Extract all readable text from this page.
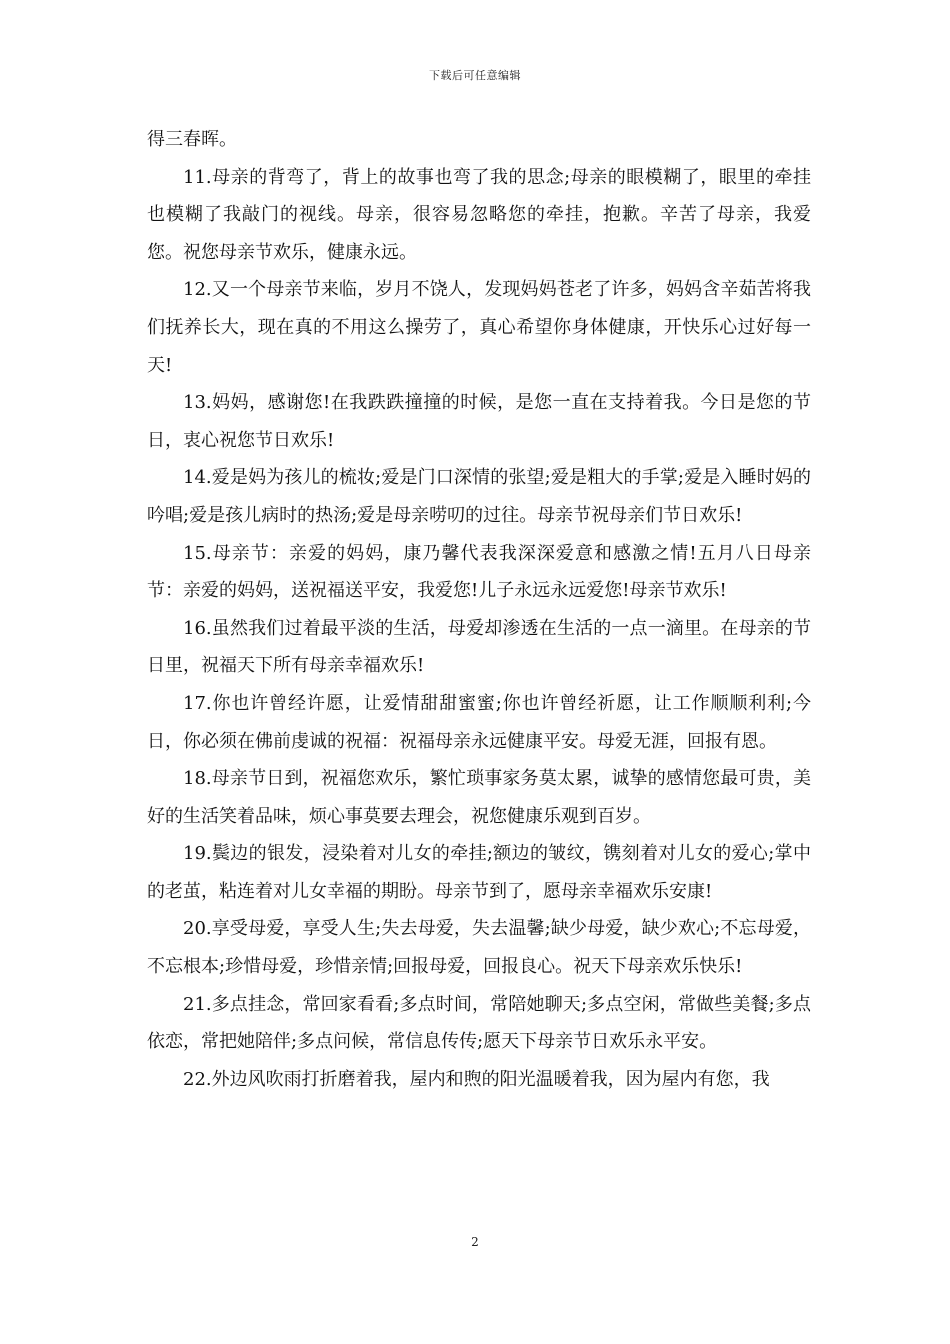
下载后可任意编辑

得三春晖。

11.母亲的背弯了，背上的故事也弯了我的思念;母亲的眼模糊了，眼里的牵挂也模糊了我敲门的视线。母亲，很容易忽略您的牵挂，抱歉。辛苦了母亲，我爱您。祝您母亲节欢乐，健康永远。

12.又一个母亲节来临，岁月不饶人，发现妈妈苍老了许多，妈妈含辛茹苦将我们抚养长大，现在真的不用这么操劳了，真心希望你身体健康，开快乐心过好每一天!

13.妈妈，感谢您!在我跌跌撞撞的时候，是您一直在支持着我。今日是您的节日，衷心祝您节日欢乐!

14.爱是妈为孩儿的梳妆;爱是门口深情的张望;爱是粗大的手掌;爱是入睡时妈的吟唱;爱是孩儿病时的热汤;爱是母亲唠叨的过往。母亲节祝母亲们节日欢乐!

15.母亲节：亲爱的妈妈，康乃馨代表我深深爱意和感激之情!五月八日母亲节：亲爱的妈妈，送祝福送平安，我爱您!儿子永远永远爱您!母亲节欢乐!

16.虽然我们过着最平淡的生活，母爱却渗透在生活的一点一滴里。在母亲的节日里，祝福天下所有母亲幸福欢乐!

17.你也许曾经许愿，让爱情甜甜蜜蜜;你也许曾经祈愿，让工作顺顺利利;今日，你必须在佛前虔诚的祝福：祝福母亲永远健康平安。母爱无涯，回报有恩。

18.母亲节日到，祝福您欢乐，繁忙琐事家务莫太累，诚挚的感情您最可贵，美好的生活笑着品味，烦心事莫要去理会，祝您健康乐观到百岁。

19.鬓边的银发，浸染着对儿女的牵挂;额边的皱纹，镌刻着对儿女的爱心;掌中的老茧，粘连着对儿女幸福的期盼。母亲节到了，愿母亲幸福欢乐安康!

20.享受母爱，享受人生;失去母爱，失去温馨;缺少母爱，缺少欢心;不忘母爱，不忘根本;珍惜母爱，珍惜亲情;回报母爱，回报良心。祝天下母亲欢乐快乐!

21.多点挂念，常回家看看;多点时间，常陪她聊天;多点空闲，常做些美餐;多点依恋，常把她陪伴;多点问候，常信息传传;愿天下母亲节日欢乐永平安。

22.外边风吹雨打折磨着我，屋内和煦的阳光温暖着我，因为屋内有您，我

2
